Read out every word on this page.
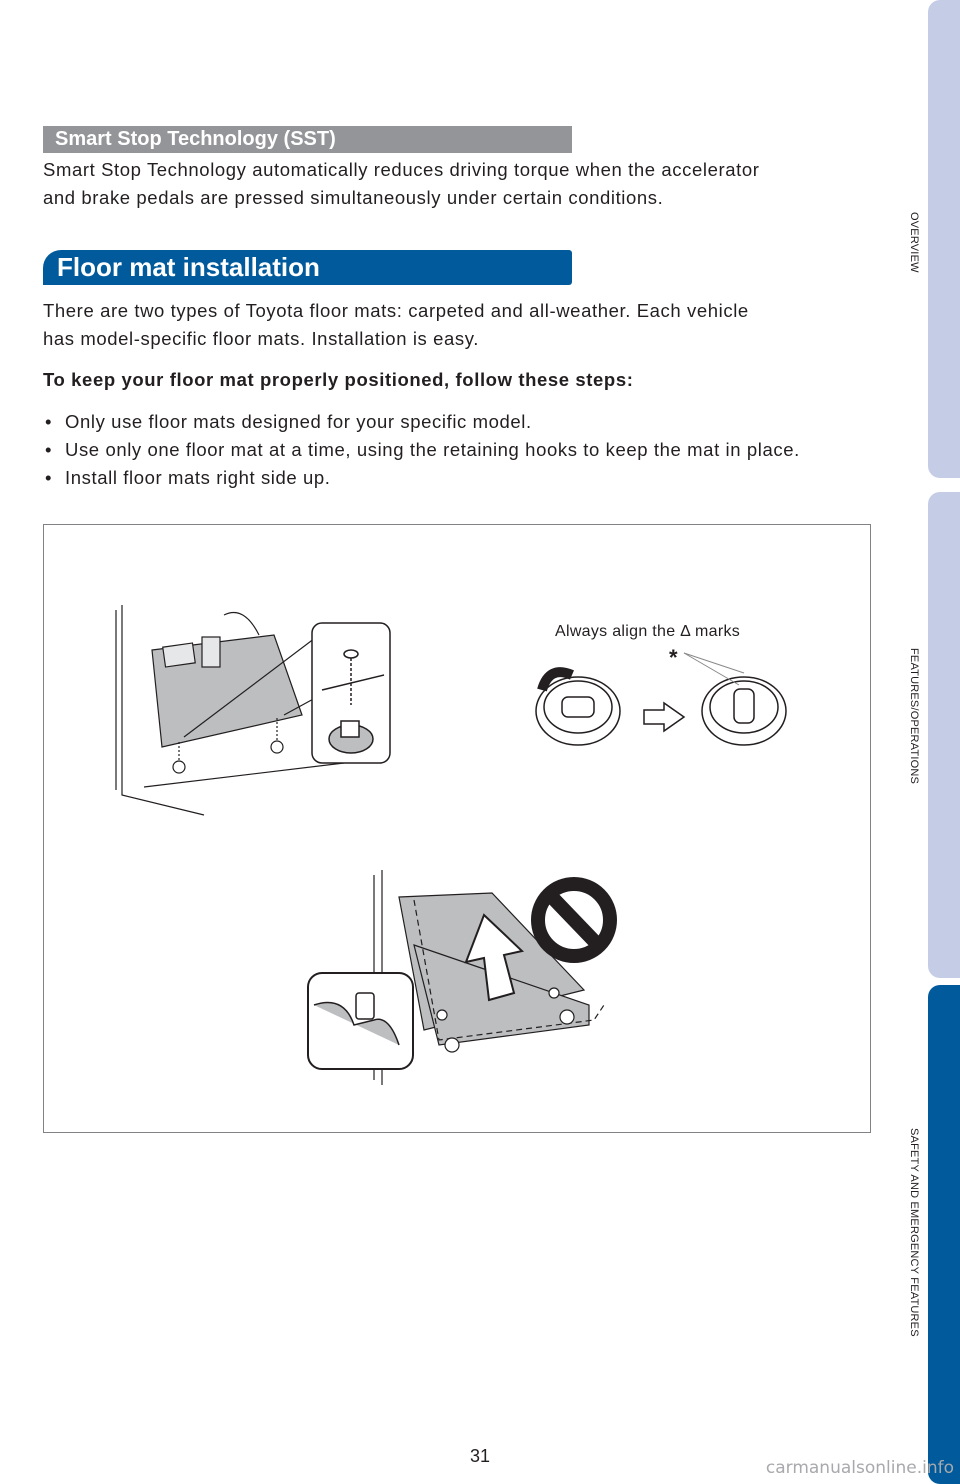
Smart Stop Technology (SST)

Smart Stop Technology automatically reduces driving torque when the accelerator
and brake pedals are pressed simultaneously under certain conditions.

Floor mat installation

There are two types of Toyota floor mats: carpeted and all-weather. Each vehicle
has model-specific floor mats. Installation is easy.

To keep your floor mat properly positioned, follow these steps:

• Only use floor mats designed for your specific model.
• Use only one floor mat at a time, using the retaining hooks to keep the mat in place.
• Install floor mats right side up.
*
Always align the Δ marks
OVERVIEW
FEATURES/OPERATIONS
SAFETY AND EMERGENCY FEATURES
31
carmanualsonline.info
